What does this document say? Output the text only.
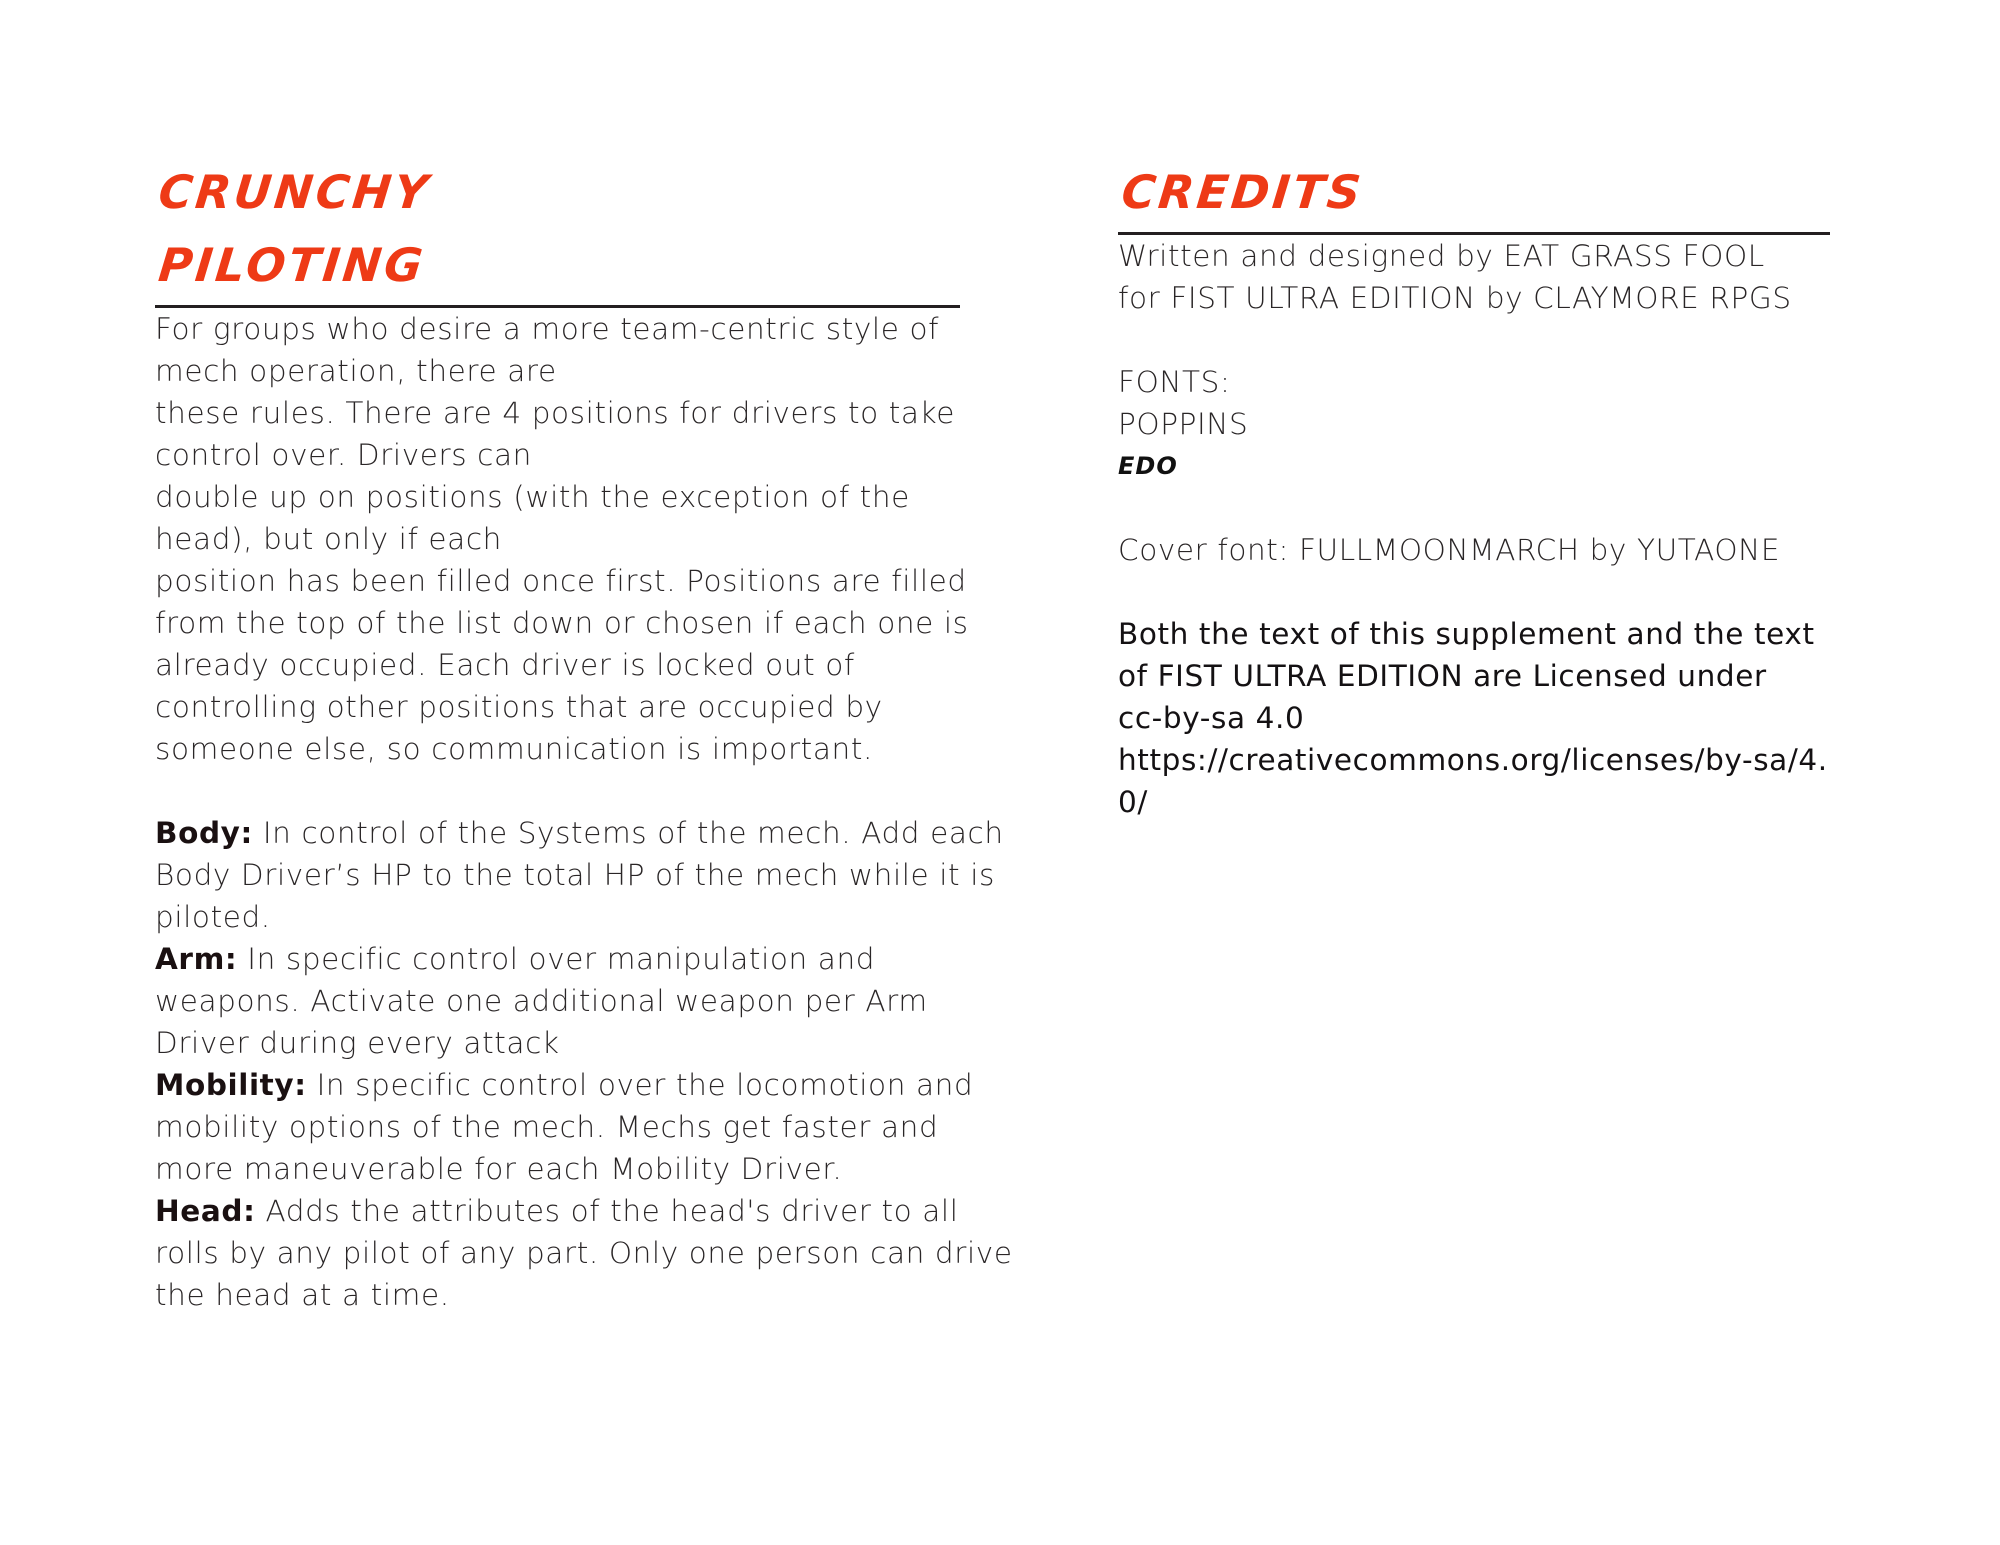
CRUNCHY
PILOTING

For groups who desire a more team-centric style of mech operation, there are

these rules. There are 4 positions for drivers to take control over. Drivers can

double up on positions (with the exception of the head), but only if each

position has been filled once first. Positions are filled from the top of the list down or chosen if each one is already occupied. Each driver is locked out of controlling other positions that are occupied by someone else, so communication is important.

Body: In control of the Systems of the mech. Add each Body Driver’s HP to the total HP of the mech while it is piloted.

Arm: In specific control over manipulation and weapons. Activate one additional weapon per Arm Driver during every attack

Mobility: In specific control over the locomotion and mobility options of the mech. Mechs get faster and more maneuverable for each Mobility Driver.

Head: Adds the attributes of the head's driver to all rolls by any pilot of any part. Only one person can drive the head at a time.

CREDITS

Written and designed by EAT GRASS FOOL

for FIST ULTRA EDITION by CLAYMORE RPGS

FONTS:

POPPINS

EDO

Cover font: FULLMOONMARCH by YUTAONE

Both the text of this supplement and the text of FIST ULTRA EDITION are Licensed under

cc-by-sa 4.0

https://creativecommons.org/licenses/by-sa/4.0/
